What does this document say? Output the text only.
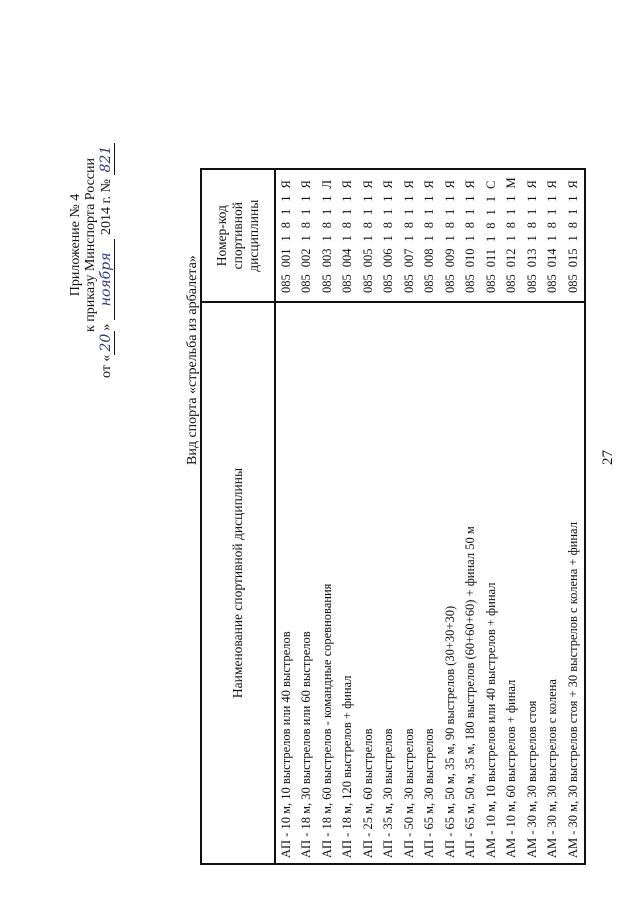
27
Приложение № 4 к приказу Минспорта России
от «20» ноября 2014 г. № 821
Вид спорта «стрельба из арбалета»
Наименование спортивной дисциплины	Номер-код спортивной дисциплины

АП - 10 м, 10 выстрелов или 40 выстрелов	0850011811Я
АП - 18 м, 30 выстрелов или 60 выстрелов	0850021811Я
АП - 18 м, 60 выстрелов - командные соревнования	0850031811Л
АП - 18 м, 120 выстрелов + финал	0850041811Я
АП - 25 м, 60 выстрелов	0850051811Я
АП - 35 м, 30 выстрелов	0850061811Я
АП - 50 м, 30 выстрелов	0850071811Я
АП - 65 м, 30 выстрелов	0850081811Я
АП - 65 м, 50 м, 35 м, 90 выстрелов (30+30+30)	0850091811Я
АП - 65 м, 50 м, 35 м, 180 выстрелов (60+60+60) + финал 50 м	0850101811Я
АМ - 10 м, 10 выстрелов или 40 выстрелов + финал	0850111811С
АМ - 10 м, 60 выстрелов + финал	0850121811М
АМ - 30 м, 30 выстрелов стоя	0850131811Я
АМ - 30 м, 30 выстрелов с колена	0850141811Я
АМ - 30 м, 30 выстрелов стоя + 30 выстрелов с колена + финал	0850151811Я
